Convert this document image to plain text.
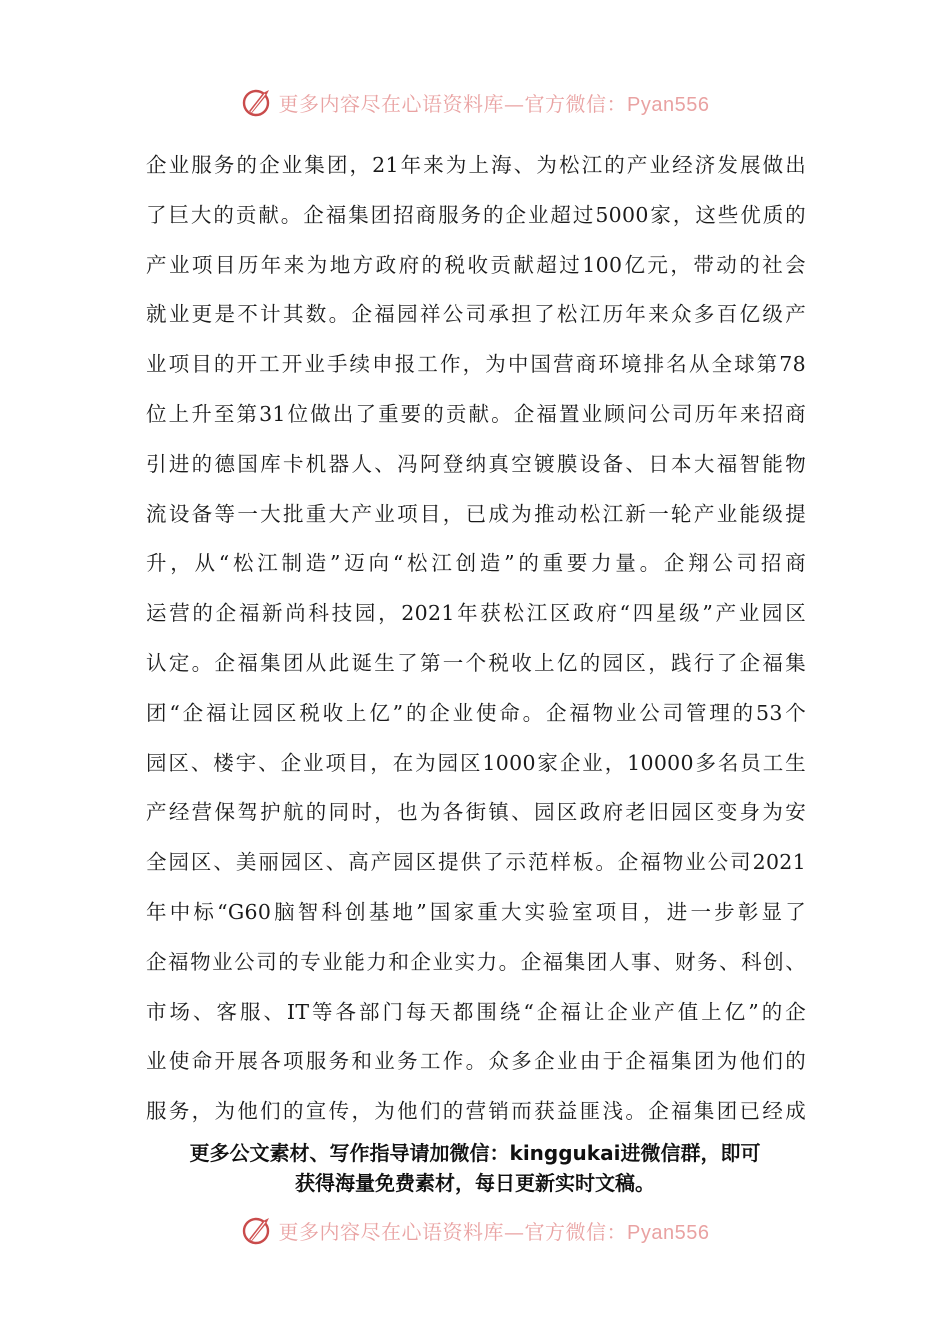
更多内容尽在心语资料库—官方微信：Pyan556
企业服务的企业集团，21年来为上海、为松江的产业经济发展做出
了巨大的贡献。企福集团招商服务的企业超过5000家，这些优质的
产业项目历年来为地方政府的税收贡献超过100亿元，带动的社会
就业更是不计其数。企福园祥公司承担了松江历年来众多百亿级产
业项目的开工开业手续申报工作，为中国营商环境排名从全球第78
位上升至第31位做出了重要的贡献。企福置业顾问公司历年来招商
引进的德国库卡机器人、冯阿登纳真空镀膜设备、日本大福智能物
流设备等一大批重大产业项目，已成为推动松江新一轮产业能级提
升，从“松江制造”迈向“松江创造”的重要力量。企翔公司招商
运营的企福新尚科技园，2021年获松江区政府“四星级”产业园区
认定。企福集团从此诞生了第一个税收上亿的园区，践行了企福集
团“企福让园区税收上亿”的企业使命。企福物业公司管理的53个
园区、楼宇、企业项目，在为园区1000家企业，10000多名员工生
产经营保驾护航的同时，也为各街镇、园区政府老旧园区变身为安
全园区、美丽园区、高产园区提供了示范样板。企福物业公司2021
年中标“G60脑智科创基地”国家重大实验室项目，进一步彰显了
企福物业公司的专业能力和企业实力。企福集团人事、财务、科创、
市场、客服、IT等各部门每天都围绕“企福让企业产值上亿”的企
业使命开展各项服务和业务工作。众多企业由于企福集团为他们的
服务，为他们的宣传，为他们的营销而获益匪浅。企福集团已经成
更多公文素材、写作指导请加微信：kinggukai进微信群，即可
获得海量免费素材，每日更新实时文稿。
更多内容尽在心语资料库—官方微信：Pyan556
